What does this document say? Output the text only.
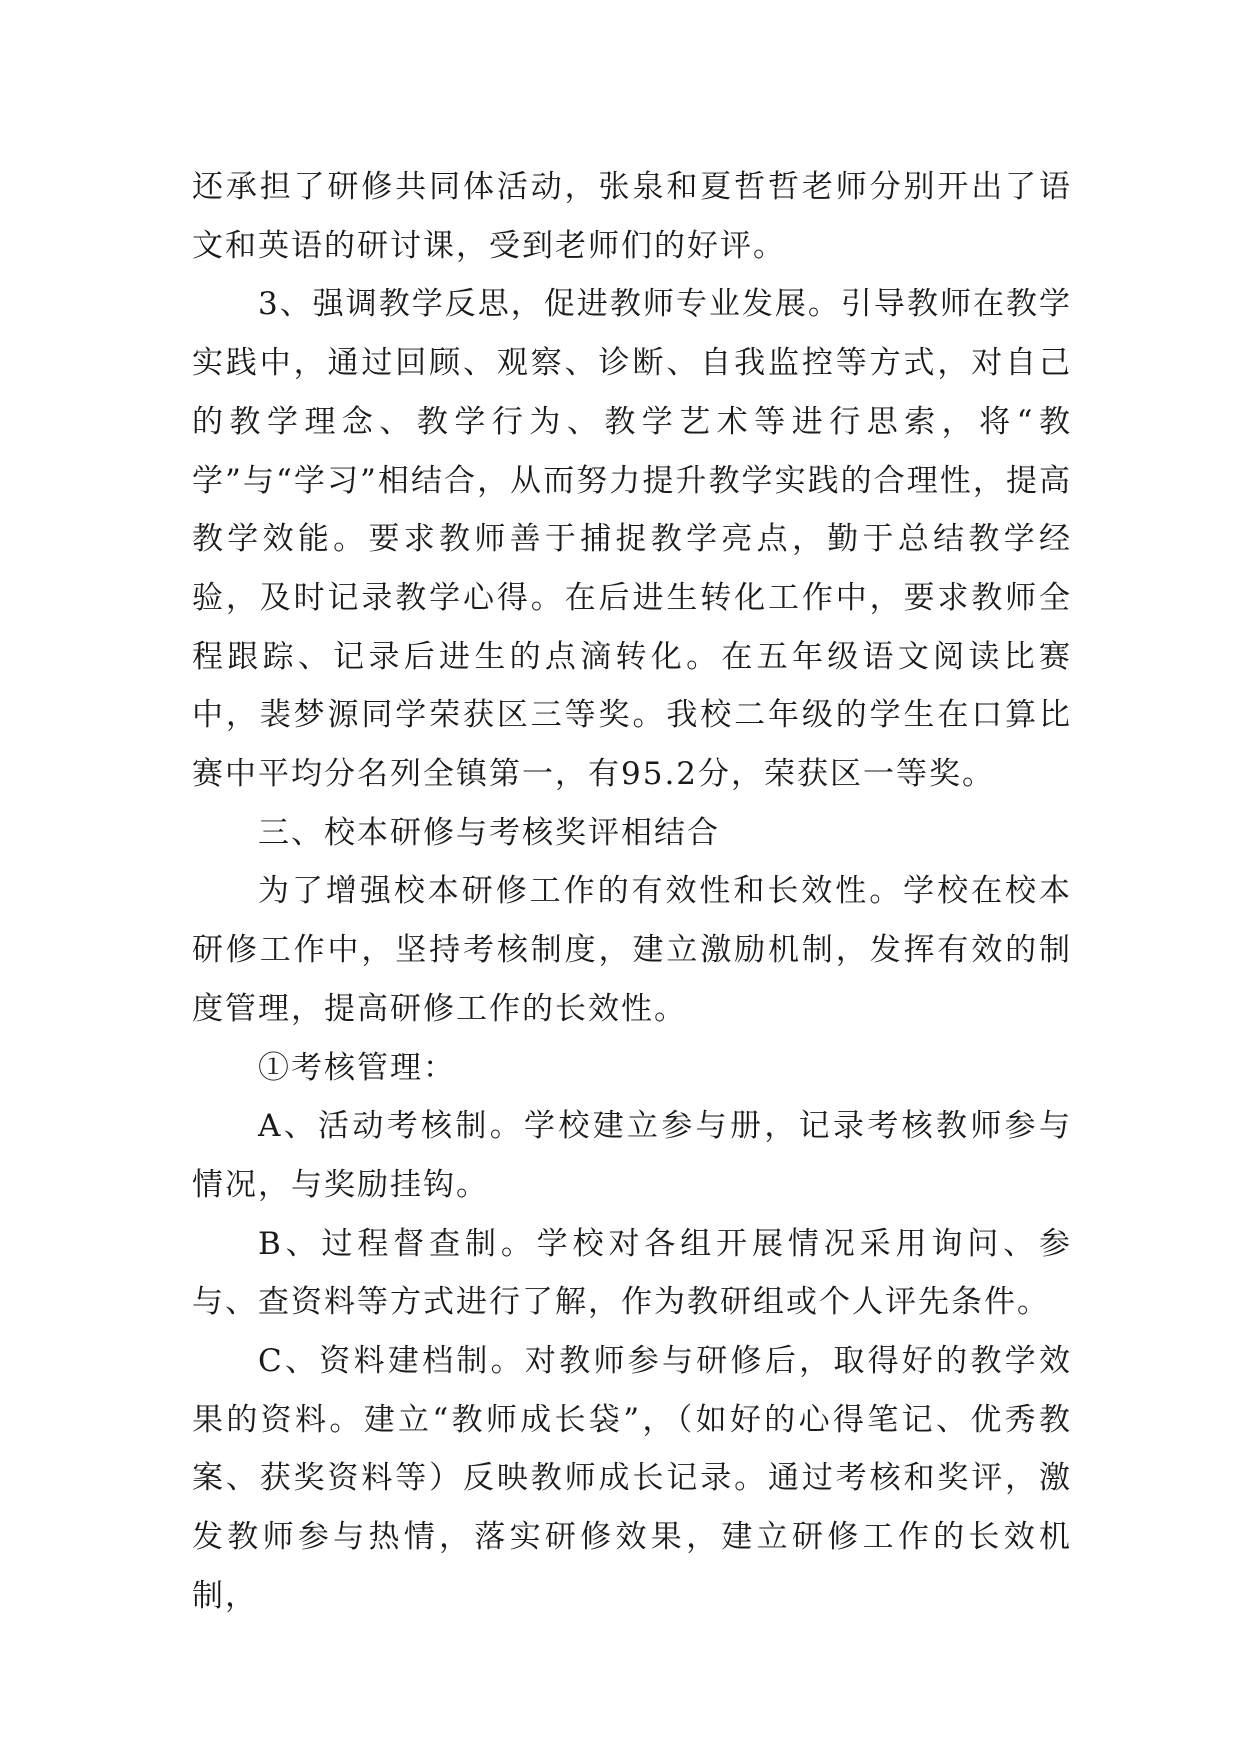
还承担了研修共同体活动，张泉和夏哲哲老师分别开出了语文和英语的研讨课，受到老师们的好评。

3、强调教学反思，促进教师专业发展。引导教师在教学实践中，通过回顾、观察、诊断、自我监控等方式，对自己的教学理念、教学行为、教学艺术等进行思索，将“教学”与“学习”相结合，从而努力提升教学实践的合理性，提高教学效能。要求教师善于捕捉教学亮点，勤于总结教学经验，及时记录教学心得。在后进生转化工作中，要求教师全程跟踪、记录后进生的点滴转化。在五年级语文阅读比赛中，裴梦源同学荣获区三等奖。我校二年级的学生在口算比赛中平均分名列全镇第一，有95.2分，荣获区一等奖。

三、校本研修与考核奖评相结合

为了增强校本研修工作的有效性和长效性。学校在校本研修工作中，坚持考核制度，建立激励机制，发挥有效的制度管理，提高研修工作的长效性。

①考核管理：

A、活动考核制。学校建立参与册，记录考核教师参与情况，与奖励挂钩。

B、过程督查制。学校对各组开展情况采用询问、参与、查资料等方式进行了解，作为教研组或个人评先条件。

C、资料建档制。对教师参与研修后，取得好的教学效果的资料。建立“教师成长袋”，（如好的心得笔记、优秀教案、获奖资料等）反映教师成长记录。通过考核和奖评，激发教师参与热情，落实研修效果，建立研修工作的长效机制，
